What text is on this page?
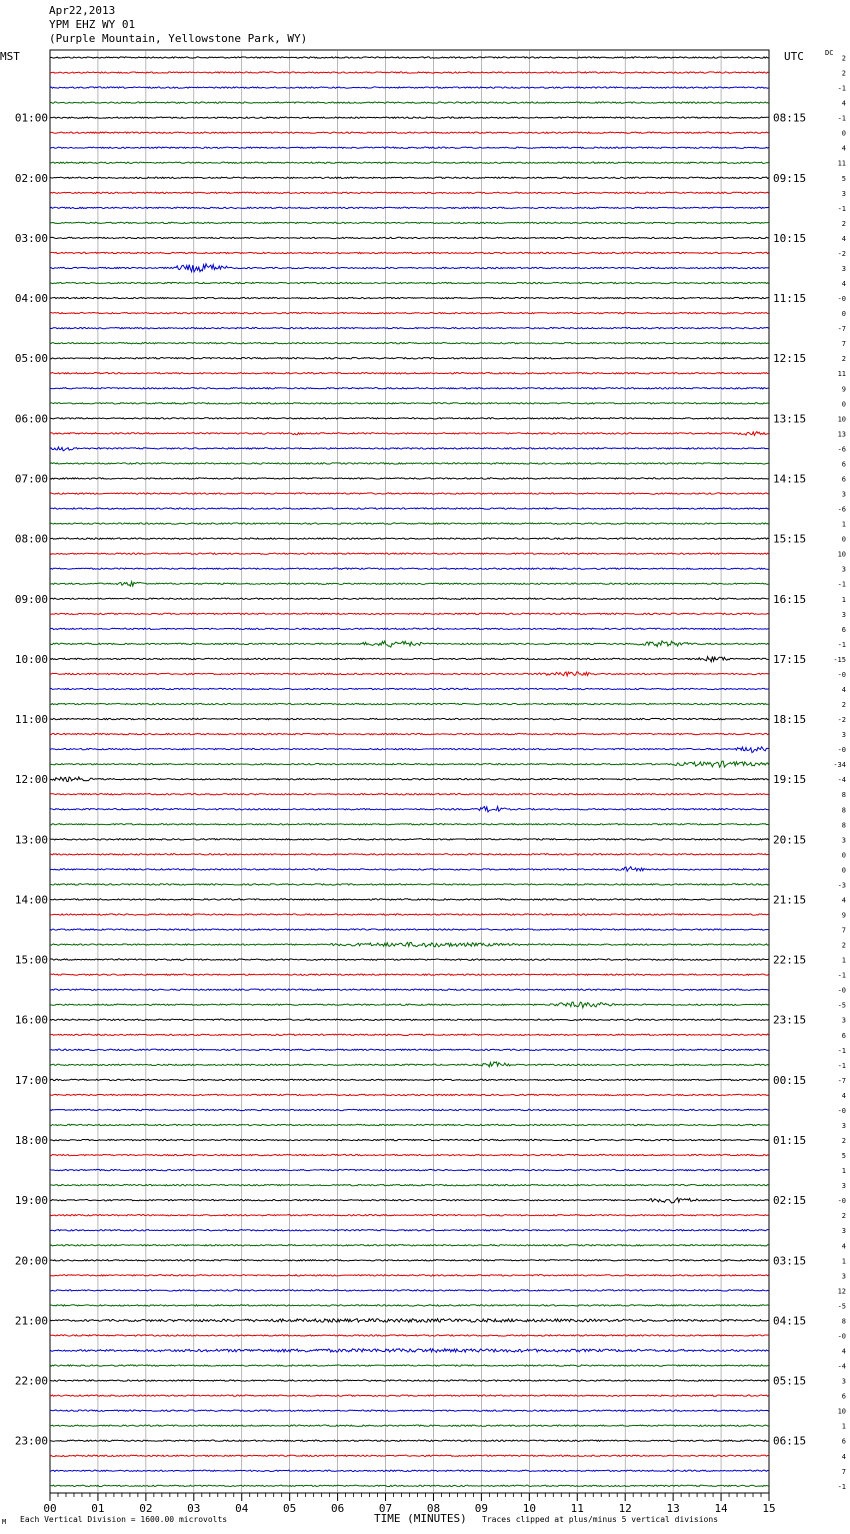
Apr22,2013
YPM EHZ WY 01
(Purple Mountain, Yellowstone Park, WY)
00	01	02	03	04	05	06	07	08	09	10	11	12	13	14	15
2
2
-1
4
-1
01:00	08:15
0
4
11
5
02:00	09:15
3
-1
2
4
03:00	10:15
-2
3
4
-0
04:00	11:15
0
-7
7
2
05:00	12:15
11
9
0
10
06:00	13:15
13
-6
6
6
07:00	14:15
3
-6
1
0
08:00	15:15
10
3
-1
1
09:00	16:15
3
6
-1
-15
10:00	17:15
-0
4
2
-2
11:00	18:15
3
-0
-34
-4
12:00	19:15
8
8
8
3
13:00	20:15
0
0
-3
4
14:00	21:15
9
7
2
1
15:00	22:15
-1
-0
-5
3
16:00	23:15
6
-1
-1
-7
17:00	00:15
4
-0
3
2
18:00	01:15
5
1
3
-0
19:00	02:15
2
3
4
1
20:00	03:15
3
12
-5
8
21:00	04:15
-0
4
-4
3
22:00	05:15
6
10
1
6
23:00	06:15
4
7
-1
MST	UTC	DC
M Each Vertical Division = 1600.00 microvolts	TIME (MINUTES) Traces clipped at plus/minus 5 vertical divisions
